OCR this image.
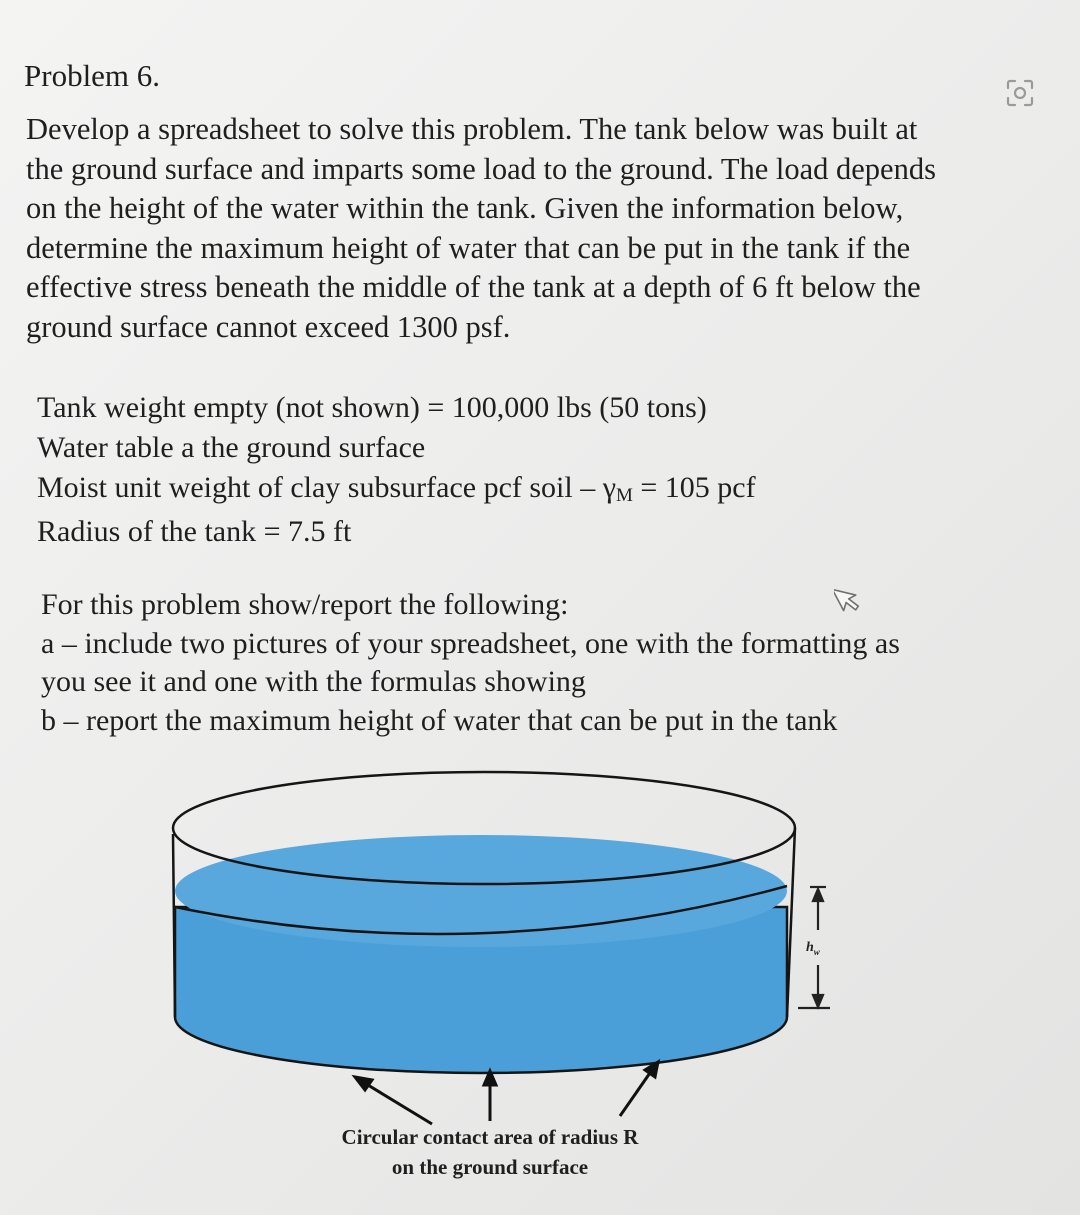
Problem 6.
Develop a spreadsheet to solve this problem. The tank below was built at
the ground surface and imparts some load to the ground. The load depends
on the height of the water within the tank. Given the information below,
determine the maximum height of water that can be put in the tank if the
effective stress beneath the middle of the tank at a depth of 6 ft below the
ground surface cannot exceed 1300 psf.
Tank weight empty (not shown) = 100,000 lbs (50 tons)
Water table a the ground surface
Moist unit weight of clay subsurface pcf soil – γM = 105 pcf
Radius of the tank = 7.5 ft
For this problem show/report the following:
a – include two pictures of your spreadsheet, one with the formatting as
you see it and one with the formulas showing
b – report the maximum height of water that can be put in the tank
$h_w$
Circular contact area of radius R
on the ground surface
